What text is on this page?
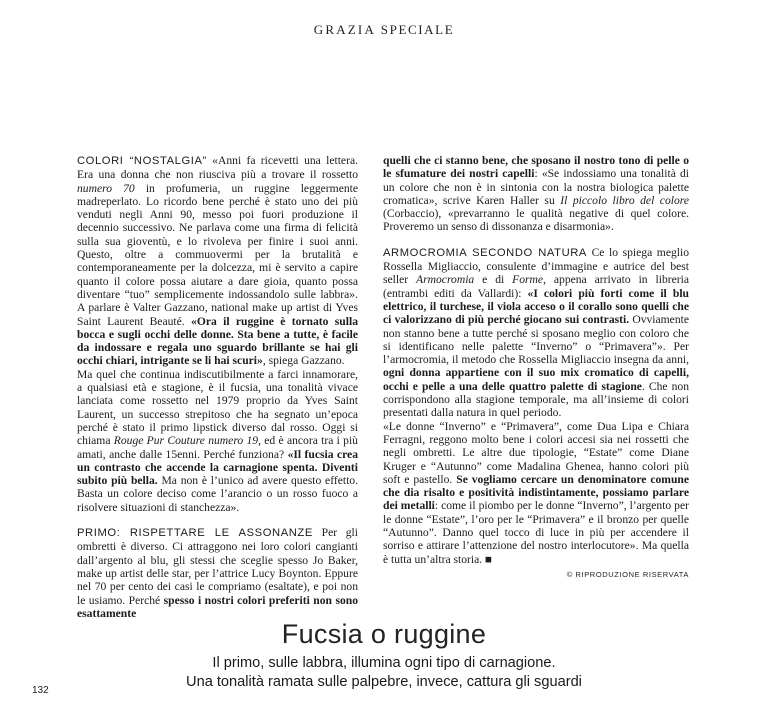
GRAZIA SPECIALE

COLORI “NOSTALGIA” «Anni fa ricevetti una lettera. Era una donna che non riusciva più a trovare il rossetto numero 70 in profumeria, un ruggine leggermente madreperlato. Lo ricordo bene perché è stato uno dei più venduti negli Anni 90, messo poi fuori produzione il decennio successivo. Ne parlava come una firma di felicità sulla sua gioventù, e lo rivoleva per finire i suoi anni. Questo, oltre a commuovermi per la brutalità e contemporaneamente per la dolcezza, mi è servito a capire quanto il colore possa aiutare a dare gioia, quanto possa diventare “tuo” semplicemente indossandolo sulle labbra». A parlare è Valter Gazzano, national make up artist di Yves Saint Laurent Beauté. «Ora il ruggine è tornato sulla bocca e sugli occhi delle donne. Sta bene a tutte, è facile da indossare e regala uno sguardo brillante se hai gli occhi chiari, intrigante se li hai scuri», spiega Gazzano.

Ma quel che continua indiscutibilmente a farci innamorare, a qualsiasi età e stagione, è il fucsia, una tonalità vivace lanciata come rossetto nel 1979 proprio da Yves Saint Laurent, un successo strepitoso che ha segnato un’epoca perché è stato il primo lipstick diverso dal rosso. Oggi si chiama Rouge Pur Couture numero 19, ed è ancora tra i più amati, anche dalle 15enni. Perché funziona? «Il fucsia crea un contrasto che accende la carnagione spenta. Diventi subito più bella. Ma non è l’unico ad avere questo effetto. Basta un colore deciso come l’arancio o un rosso fuoco a risolvere situazioni di stanchezza».

PRIMO: RISPETTARE LE ASSONANZE Per gli ombretti è diverso. Ci attraggono nei loro colori cangianti dall’argento al blu, gli stessi che sceglie spesso Jo Baker, make up artist delle star, per l’attrice Lucy Boynton. Eppure nel 70 per cento dei casi le compriamo (esaltate), e poi non le usiamo. Perché spesso i nostri colori preferiti non sono esattamente

quelli che ci stanno bene, che sposano il nostro tono di pelle o le sfumature dei nostri capelli: «Se indossiamo una tonalità di un colore che non è in sintonia con la nostra biologica palette cromatica», scrive Karen Haller su Il piccolo libro del colore (Corbaccio), «prevarranno le qualità negative di quel colore. Proveremo un senso di dissonanza e disarmonia».

ARMOCROMIA SECONDO NATURA Ce lo spiega meglio Rossella Migliaccio, consulente d’immagine e autrice del best seller Armocromia e di Forme, appena arrivato in libreria (entrambi editi da Vallardi): «I colori più forti come il blu elettrico, il turchese, il viola acceso o il corallo sono quelli che ci valorizzano di più perché giocano sui contrasti. Ovviamente non stanno bene a tutte perché si sposano meglio con coloro che si identificano nelle palette “Inverno” o “Primavera”». Per l’armocromia, il metodo che Rossella Migliaccio insegna da anni, ogni donna appartiene con il suo mix cromatico di capelli, occhi e pelle a una delle quattro palette di stagione. Che non corrispondono alla stagione temporale, ma all’insieme di colori presentati dalla natura in quel periodo.

«Le donne “Inverno” e “Primavera”, come Dua Lipa e Chiara Ferragni, reggono molto bene i colori accesi sia nei rossetti che negli ombretti. Le altre due tipologie, “Estate” come Diane Kruger e “Autunno” come Madalina Ghenea, hanno colori più soft e pastello. Se vogliamo cercare un denominatore comune che dia risalto e positività indistintamente, possiamo parlare dei metalli: come il piombo per le donne “Inverno”, l’argento per le donne “Estate”, l’oro per le “Primavera” e il bronzo per quelle “Autunno”. Danno quel tocco di luce in più per accendere il sorriso e attirare l’attenzione del nostro interlocutore». Ma quella è tutta un’altra storia. ■

© RIPRODUZIONE RISERVATA

Fucsia o ruggine
Il primo, sulle labbra, illumina ogni tipo di carnagione.
Una tonalità ramata sulle palpebre, invece, cattura gli sguardi
132
